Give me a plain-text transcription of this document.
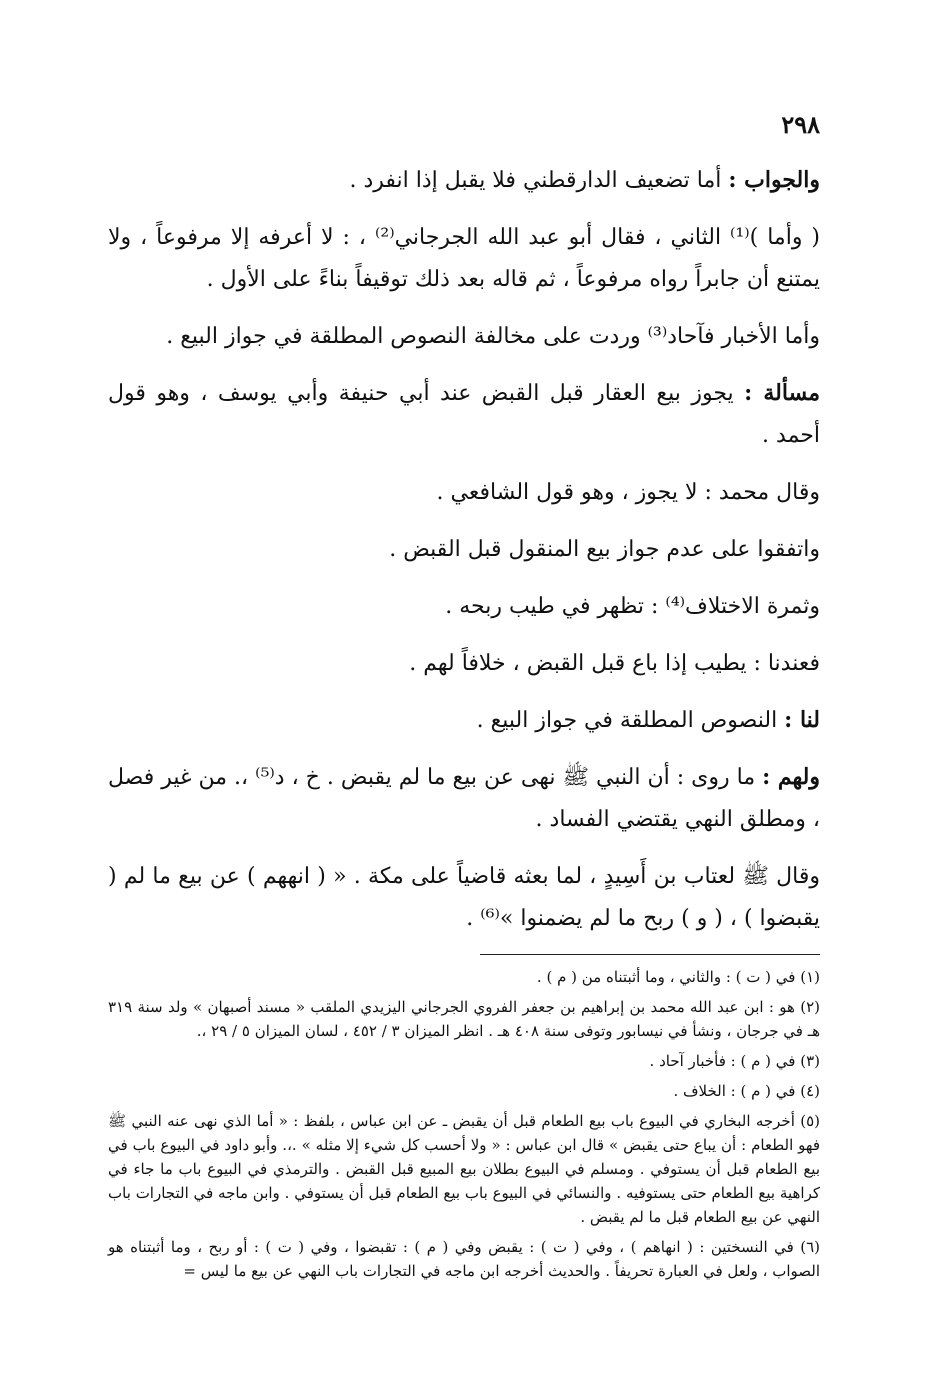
٢٩٨

والجواب : أما تضعيف الدارقطني فلا يقبل إذا انفرد .

( وأما )⁽¹⁾ الثاني ، فقال أبو عبد الله الجرجاني⁽²⁾ ، : لا أعرفه إلا مرفوعاً ، ولا يمتنع أن جابراً رواه مرفوعاً ، ثم قاله بعد ذلك توقيفاً بناءً على الأول .

وأما الأخبار فآحاد⁽³⁾ وردت على مخالفة النصوص المطلقة في جواز البيع .

مسألة : يجوز بيع العقار قبل القبض عند أبي حنيفة وأبي يوسف ، وهو قول أحمد .

وقال محمد : لا يجوز ، وهو قول الشافعي .

واتفقوا على عدم جواز بيع المنقول قبل القبض .

وثمرة الاختلاف⁽⁴⁾ : تظهر في طيب ربحه .

فعندنا : يطيب إذا باع قبل القبض ، خلافاً لهم .

لنا : النصوص المطلقة في جواز البيع .

ولهم : ما روى : أن النبي ﷺ نهى عن بيع ما لم يقبض . خ ، د⁽⁵⁾ ،. من غير فصل ، ومطلق النهي يقتضي الفساد .

وقال ﷺ لعتاب بن أَسِيدٍ ، لما بعثه قاضياً على مكة . « ( انههم ) عن بيع ما لم ( يقبضوا ) ، ( و ) ربح ما لم يضمنوا »⁽⁶⁾ .

(١) في ( ت ) : والثاني ، وما أثبتناه من ( م ) .

(٢) هو : ابن عبد الله محمد بن إبراهيم بن جعفر الفروي الجرجاني اليزيدي الملقب « مسند أصبهان » ولد سنة ٣١٩ هـ في جرجان ، ونشأ في نيسابور وتوفى سنة ٤٠٨ هـ . انظر الميزان ٣ / ٤٥٢ ، لسان الميزان ٥ / ٢٩ ،.

(٣) في ( م ) : فأخبار آحاد .

(٤) في ( م ) : الخلاف .

(٥) أخرجه البخاري في البيوع باب بيع الطعام قبل أن يقبض ـ عن ابن عباس ، بلفظ : « أما الذي نهى عنه النبي ﷺ فهو الطعام : أن يباع حتى يقبض » قال ابن عباس : « ولا أحسب كل شيء إلا مثله » .،. وأبو داود في البيوع باب في بيع الطعام قبل أن يستوفي . ومسلم في البيوع بطلان بيع المبيع قبل القبض . والترمذي في البيوع باب ما جاء في كراهية بيع الطعام حتى يستوفيه . والنسائي في البيوع باب بيع الطعام قبل أن يستوفي . وابن ماجه في التجارات باب النهي عن بيع الطعام قبل ما لم يقبض .

(٦) في النسختين : ( انهاهم ) ، وفي ( ت ) : يقبض وفي ( م ) : تقبضوا ، وفي ( ت ) : أو ربح ، وما أثبتناه هو الصواب ، ولعل في العبارة تحريفاً . والحديث أخرجه ابن ماجه في التجارات باب النهي عن بيع ما ليس =
